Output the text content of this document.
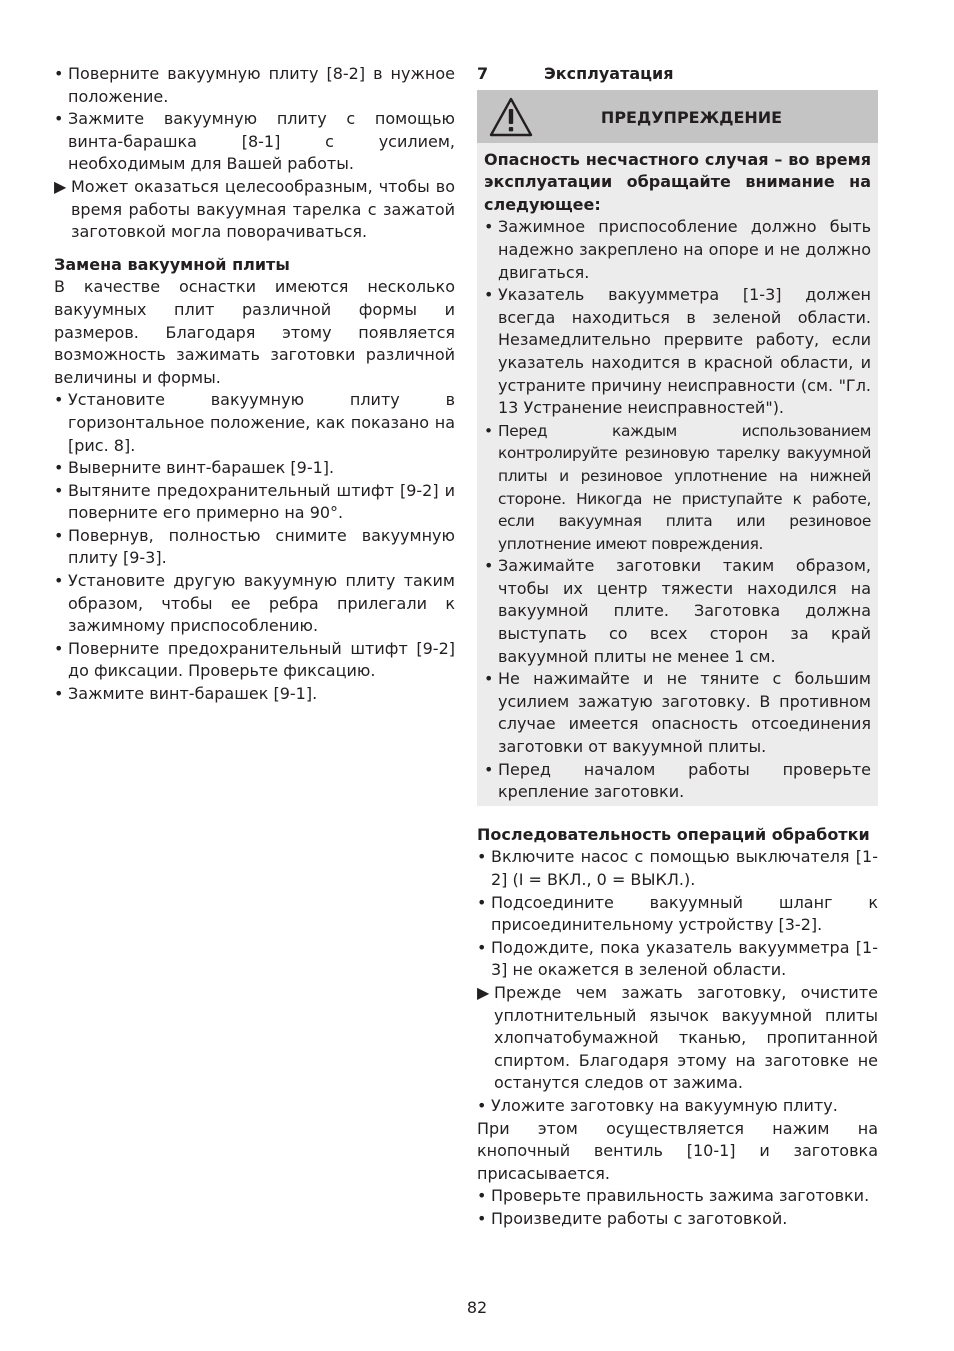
• Поверните вакуумную плиту [8-2] в нужное положение.
• Зажмите вакуумную плиту с помощью винта-барашка [8-1] с усилием, необходимым для Вашей работы.
▶ Может оказаться целесообразным, чтобы во время работы вакуумная тарелка с зажатой заготовкой могла поворачиваться.

Замена вакуумной плиты

В качестве оснастки имеются несколько вакуумных плит различной формы и размеров. Благодаря этому появляется возможность зажимать заготовки различной величины и формы.

• Установите вакуумную плиту в горизонтальное положение, как показано на [рис. 8].
• Выверните винт-барашек [9-1].
• Вытяните предохранительный штифт [9-2] и поверните его примерно на 90°.
• Повернув, полностью снимите вакуумную плиту [9-3].
• Установите другую вакуумную плиту таким образом, чтобы ее ребра прилегали к зажимному приспособлению.
• Поверните предохранительный штифт [9-2] до фиксации. Проверьте фиксацию.
• Зажмите винт-барашек [9-1].
7	Эксплуатация
ПРЕДУПРЕЖДЕНИЕ

Опасность несчастного случая – во время эксплуатации обращайте внимание на следующее:

• Зажимное приспособление должно быть надежно закреплено на опоре и не должно двигаться.
• Указатель вакуумметра [1-3] должен всегда находиться в зеленой области. Незамедлительно прервите работу, если указатель находится в красной области, и устраните причину неисправности (см. "Гл. 13 Устранение неисправностей").
• Перед каждым использованием контролируйте резиновую тарелку вакуумной плиты и резиновое уплотнение на нижней стороне. Никогда не приступайте к работе, если вакуумная плита или резиновое уплотнение имеют повреждения.
• Зажимайте заготовки таким образом, чтобы их центр тяжести находился на вакуумной плите. Заготовка должна выступать со всех сторон за край вакуумной плиты не менее 1 см.
• Не нажимайте и не тяните с большим усилием зажатую заготовку. В противном случае имеется опасность отсоединения заготовки от вакуумной плиты.
• Перед началом работы проверьте крепление заготовки.

Последовательность операций обработки

• Включите насос с помощью выключателя [1-2] (I = ВКЛ., 0 = ВЫКЛ.).
• Подсоедините вакуумный шланг к присоединительному устройству [3-2].
• Подождите, пока указатель вакуумметра [1-3] не окажется в зеленой области.
▶ Прежде чем зажать заготовку, очистите уплотнительный язычок вакуумной плиты хлопчатобумажной тканью, пропитанной спиртом. Благодаря этому на заготовке не останутся следов от зажима.
• Уложите заготовку на вакуумную плиту.

При этом осуществляется нажим на кнопочный вентиль [10-1] и заготовка присасывается.

• Проверьте правильность зажима заготовки.
• Произведите работы с заготовкой.
82
